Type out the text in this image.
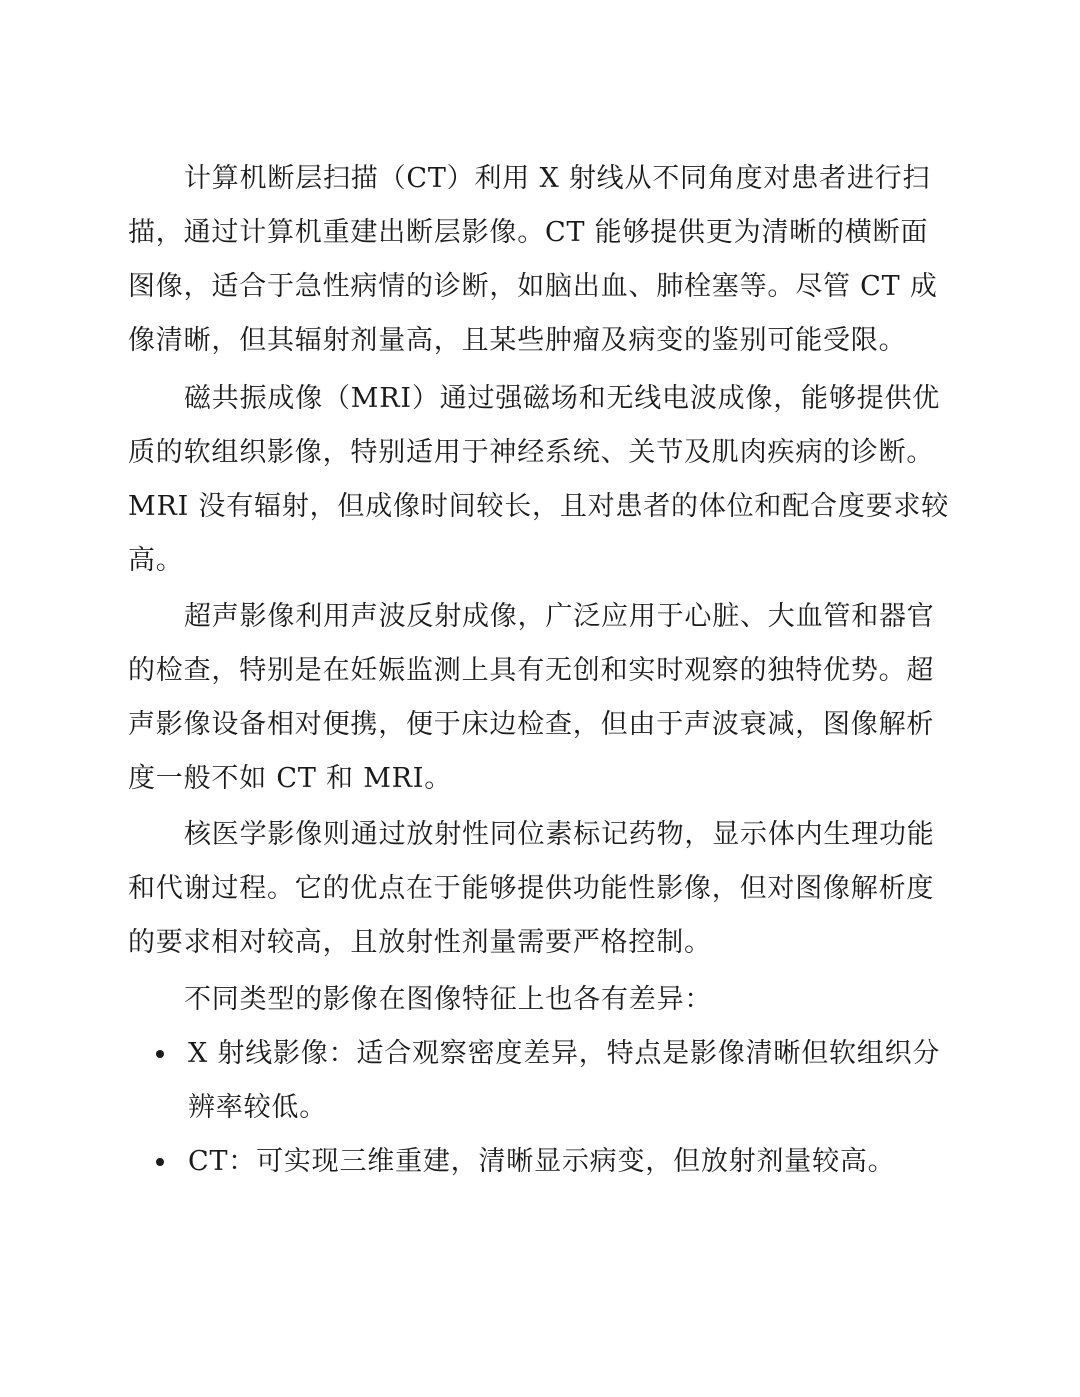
计算机断层扫描（CT）利用 X 射线从不同角度对患者进行扫描，通过计算机重建出断层影像。CT 能够提供更为清晰的横断面图像，适合于急性病情的诊断，如脑出血、肺栓塞等。尽管 CT 成像清晰，但其辐射剂量高，且某些肿瘤及病变的鉴别可能受限。

磁共振成像（MRI）通过强磁场和无线电波成像，能够提供优质的软组织影像，特别适用于神经系统、关节及肌肉疾病的诊断。MRI 没有辐射，但成像时间较长，且对患者的体位和配合度要求较高。

超声影像利用声波反射成像，广泛应用于心脏、大血管和器官的检查，特别是在妊娠监测上具有无创和实时观察的独特优势。超声影像设备相对便携，便于床边检查，但由于声波衰减，图像解析度一般不如 CT 和 MRI。

核医学影像则通过放射性同位素标记药物，显示体内生理功能和代谢过程。它的优点在于能够提供功能性影像，但对图像解析度的要求相对较高，且放射性剂量需要严格控制。

不同类型的影像在图像特征上也各有差异：

X 射线影像：适合观察密度差异，特点是影像清晰但软组织分辨率较低。
CT：可实现三维重建，清晰显示病变，但放射剂量较高。
